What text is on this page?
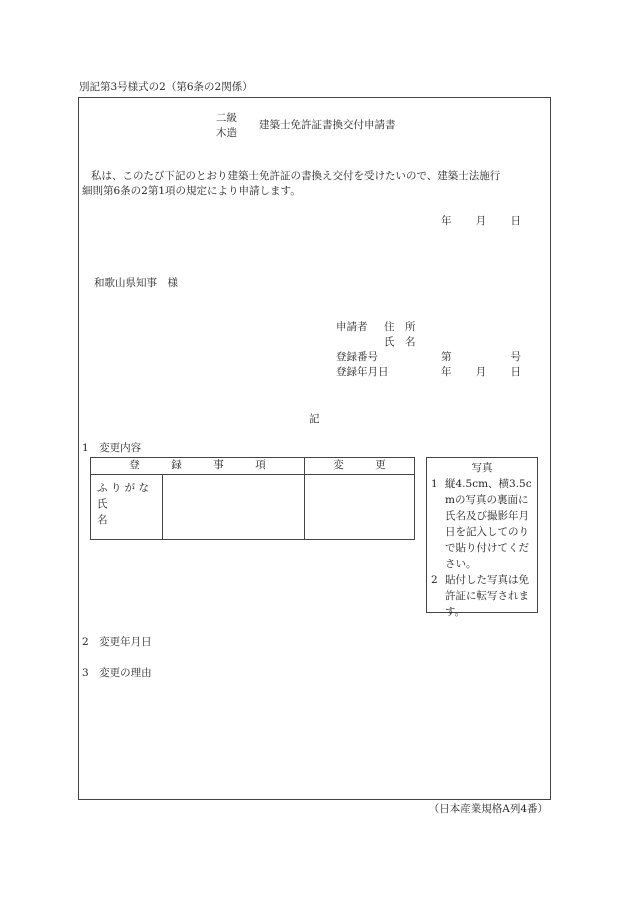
別記第3号様式の2（第6条の2関係）
二級
木造
建築士免許証書換交付申請書
私は、このたび下記のとおり建築士免許証の書換え交付を受けたいので、建築士法施行
細則第6条の2第1項の規定により申請します。
年 月 日
和歌山県知事　様
申請者 住　所
氏　名
登録番号	第	号
登録年月日	年 月 日
記
1　変更内容
登　　　録　　　事　　　項	変　　　更

ふ り が な
氏　　　　名	

写真
1 縦4.5cm、横3.5cmの写真の裏面に氏名及び撮影年月日を記入してのりで貼り付けてください。
2 貼付した写真は免許証に転写されます。
2　変更年月日
3　変更の理由
（日本産業規格A列4番）
